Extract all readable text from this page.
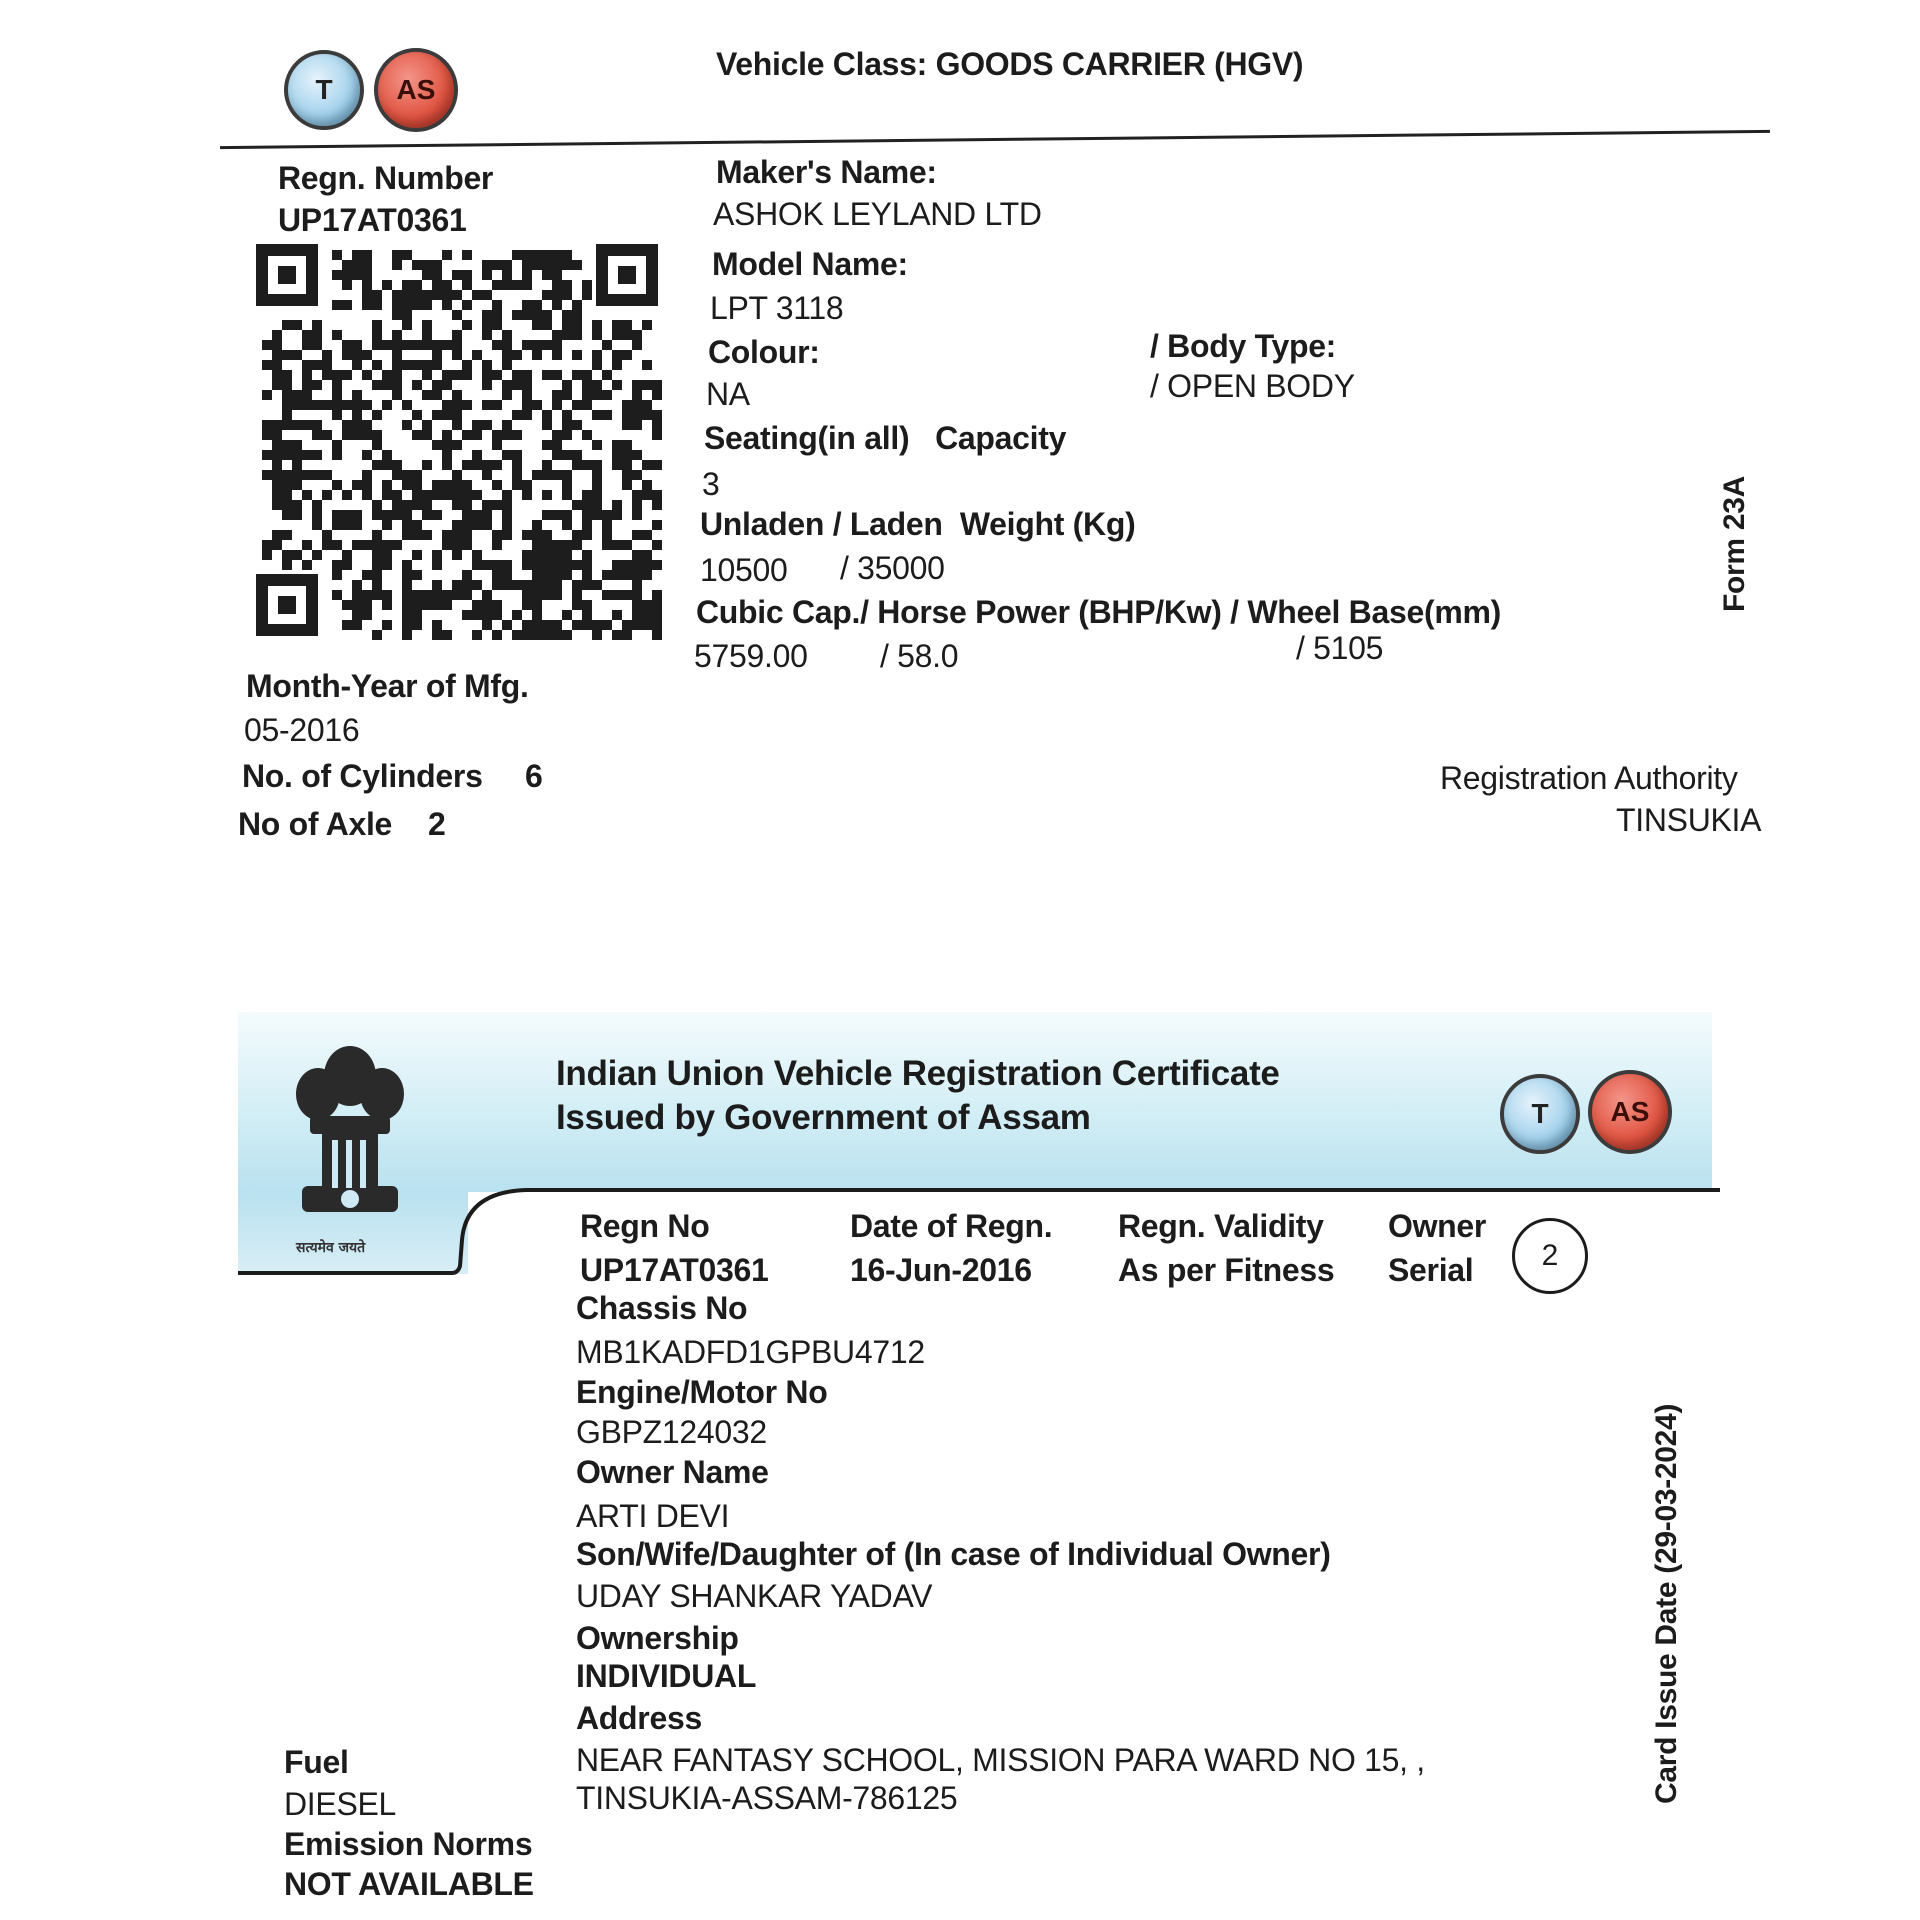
T AS
Vehicle Class: GOODS CARRIER (HGV)
Regn. Number
UP17AT0361
Month-Year of Mfg.
05-2016
No. of Cylinders 6
No of Axle 2
Maker's Name:
ASHOK LEYLAND LTD
Model Name:
LPT 3118
Colour:
NA
/ Body Type:
/ OPEN BODY
Seating(in all)   Capacity
3
Unladen / Laden  Weight (Kg)
10500 / 35000
Cubic Cap./ Horse Power (BHP/Kw) / Wheel Base(mm)
5759.00 / 58.0	/ 5105
Form 23A
Registration Authority
TINSUKIA
सत्यमेव जयते
Indian Union Vehicle Registration Certificate
Issued by Government of Assam	T AS
Regn No
UP17AT0361
Date of Regn.
16-Jun-2016
Regn. Validity
As per Fitness
Owner
Serial 2
Chassis No
MB1KADFD1GPBU4712
Engine/Motor No
GBPZ124032
Owner Name
ARTI DEVI
Son/Wife/Daughter of (In case of Individual Owner)
UDAY SHANKAR YADAV
Ownership
INDIVIDUAL
Address
NEAR FANTASY SCHOOL, MISSION PARA WARD NO 15, ,
TINSUKIA-ASSAM-786125
Fuel
DIESEL
Emission Norms
NOT AVAILABLE
Card Issue Date (29-03-2024)
